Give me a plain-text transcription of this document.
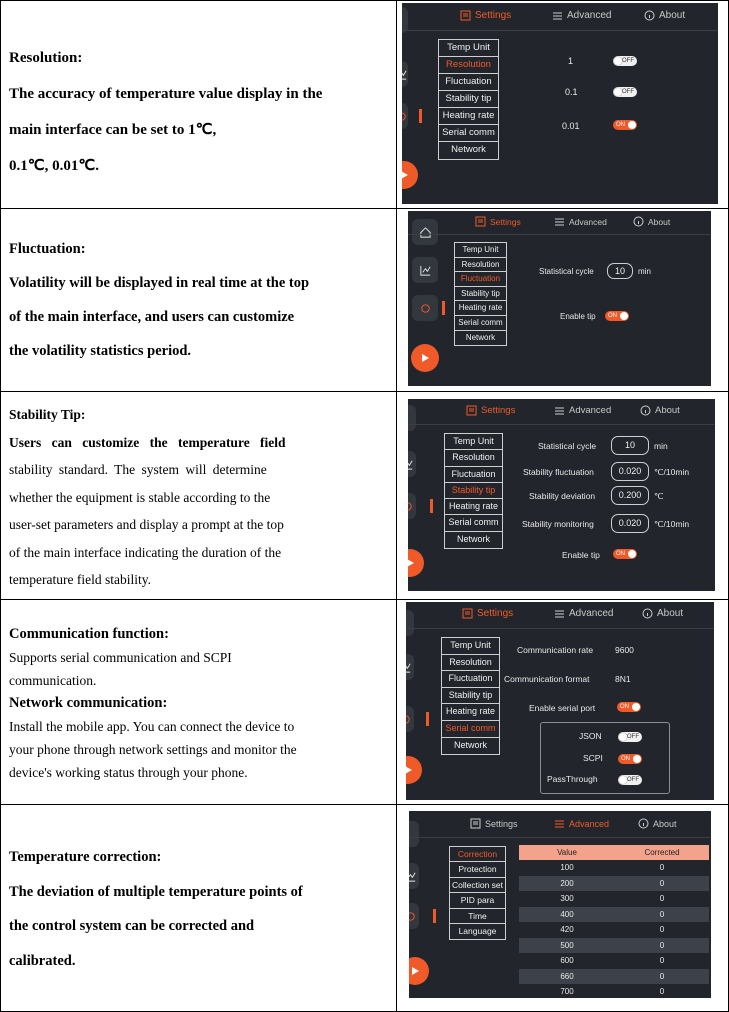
Resolution:
The accuracy of temperature value display in the
main interface can be set to 1℃,
0.1℃, 0.01℃.
Settings	Advanced	About
Temp Unit
Resolution
Fluctuation
Stability tip
Heating rate
Serial comm
Network
1	OFF
0.1	OFF
0.01	ON
Fluctuation:
Volatility will be displayed in real time at the top
of the main interface, and users can customize
the volatility statistics period.
Settings	Advanced	About
Temp Unit
Resolution
Fluctuation
Stability tip
Heating rate
Serial comm
Network
Statistical cycle	10	min
Enable tip	ON
Stability Tip:
Users can customize the temperature field
stability standard. The system will determine
whether the equipment is stable according to the
user-set parameters and display a prompt at the top
of the main interface indicating the duration of the
temperature field stability.
Settings	Advanced	About
Temp Unit
Resolution
Fluctuation
Stability tip
Heating rate
Serial comm
Network
Statistical cycle	10	min
Stability fluctuation	0.020	℃/10min
Stability deviation	0.200	℃
Stability monitoring	0.020	℃/10min
Enable tip	ON
Communication function:
Supports serial communication and SCPI
communication.
Network communication:
Install the mobile app. You can connect the device to
your phone through network settings and monitor the
device's working status through your phone.
Settings	Advanced	About
Temp Unit
Resolution
Fluctuation
Stability tip
Heating rate
Serial comm
Network
Communication rate	9600
Communication format	8N1
Enable serial port	ON
JSON	OFF
SCPI	ON
PassThrough	OFF
Temperature correction:
The deviation of multiple temperature points of
the control system can be corrected and
calibrated.
Settings	Advanced	About
Correction
Protection
Collection set
PID para
Time
Language
Value	Corrected
100	0
200	0
300	0
400	0
420	0
500	0
600	0
660	0
700	0
